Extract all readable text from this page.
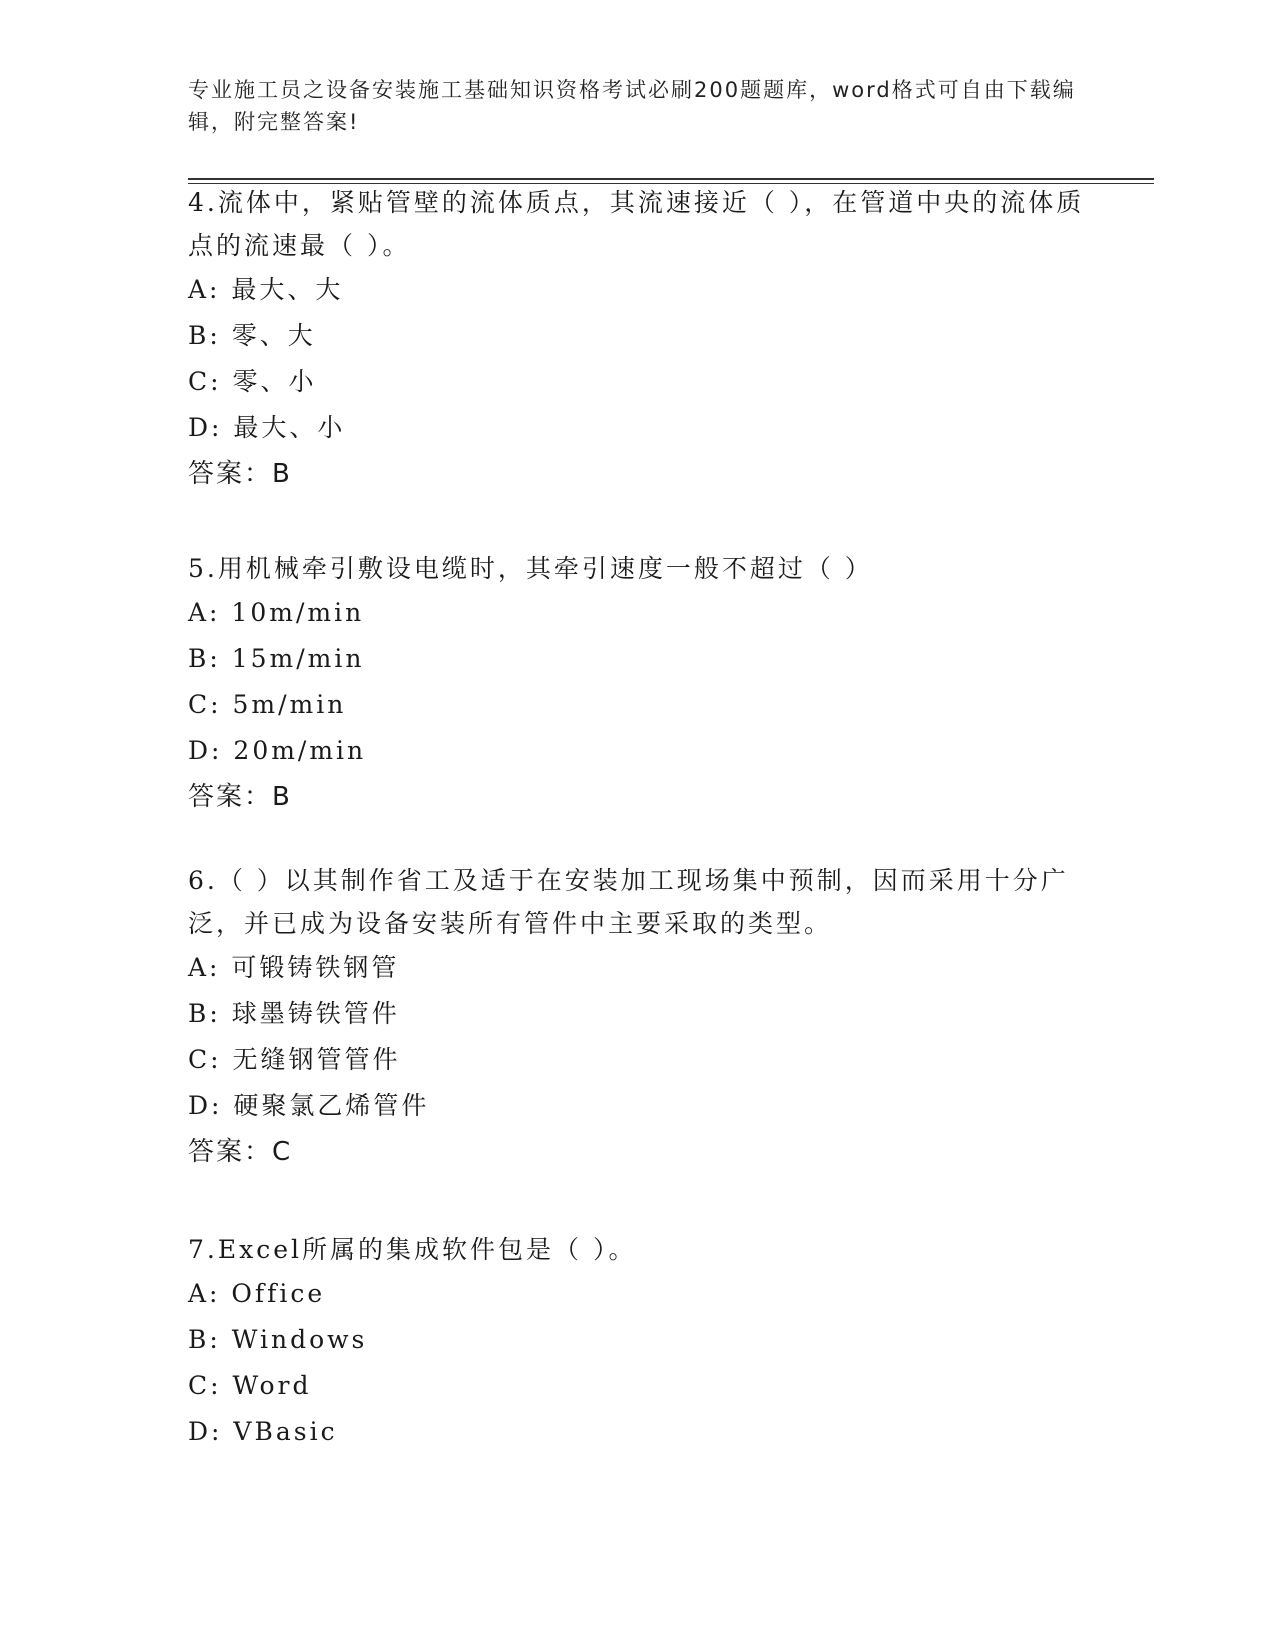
专业施工员之设备安装施工基础知识资格考试必刷200题题库，word格式可自由下载编辑，附完整答案!
4.流体中，紧贴管壁的流体质点，其流速接近（ ），在管道中央的流体质点的流速最（ ）。
A: 最大、大
B: 零、大
C: 零、小
D: 最大、小
答案：B
5.用机械牵引敷设电缆时，其牵引速度一般不超过（ ）
A: 10m/min
B: 15m/min
C: 5m/min
D: 20m/min
答案：B
6.（ ）以其制作省工及适于在安装加工现场集中预制，因而采用十分广泛，并已成为设备安装所有管件中主要采取的类型。
A: 可锻铸铁钢管
B: 球墨铸铁管件
C: 无缝钢管管件
D: 硬聚氯乙烯管件
答案：C
7.Excel所属的集成软件包是（ ）。
A: Office
B: Windows
C: Word
D: VBasic
